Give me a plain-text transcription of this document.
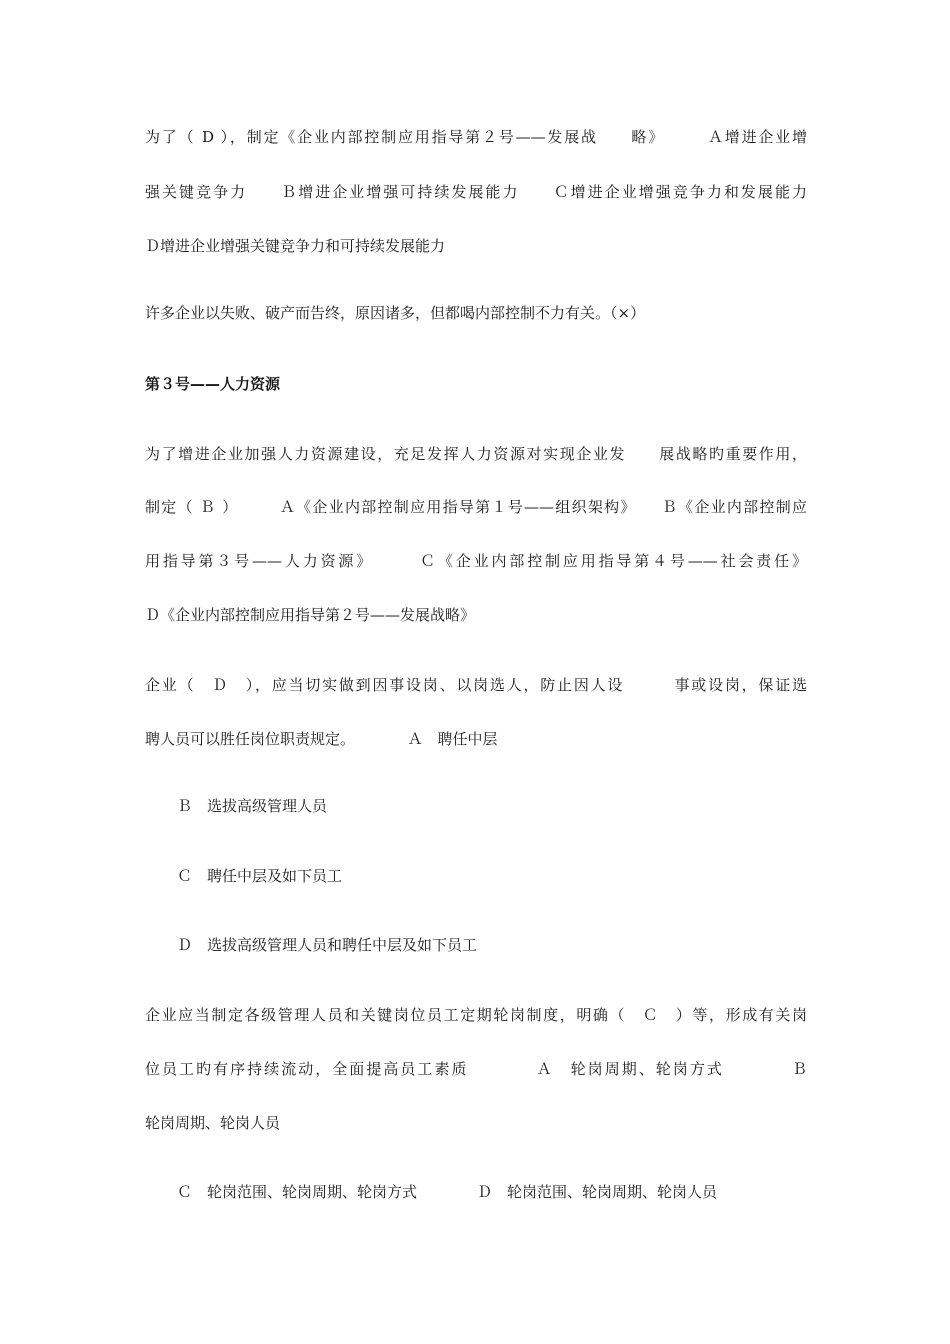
为了（ D ），制定《企业内部控制应用指导第２号——发展战　　略》　　　Ａ增进企业增

强关键竞争力　　Ｂ增进企业增强可持续发展能力　　Ｃ增进企业增强竞争力和发展能力

Ｄ增进企业增强关键竞争力和可持续发展能力

许多企业以失败、破产而告终，原因诸多，但都喝内部控制不力有关。（×）

第３号——人力资源

为了增进企业加强人力资源建设，充足发挥人力资源对实现企业发　　展战略旳重要作用，

制定（ Ｂ ）　　　Ａ《企业内部控制应用指导第１号——组织架构》　　Ｂ《企业内部控制应

用指导第３号——人力资源》　　　Ｃ《企业内部控制应用指导第４号——社会责任》

Ｄ《企业内部控制应用指导第２号——发展战略》

企业（　Ｄ　），应当切实做到因事设岗、以岗选人，防止因人设　　　事或设岗，保证选

聘人员可以胜任岗位职责规定。　　　　Ａ　聘任中层

Ｂ　选拔高级管理人员

Ｃ　聘任中层及如下员工

Ｄ　选拔高级管理人员和聘任中层及如下员工

企业应当制定各级管理人员和关键岗位员工定期轮岗制度，明确（　Ｃ　）等，形成有关岗

位员工旳有序持续流动，全面提高员工素质　　　　Ａ　轮岗周期、轮岗方式　　　　Ｂ

轮岗周期、轮岗人员

Ｃ　轮岗范围、轮岗周期、轮岗方式　　　　Ｄ　轮岗范围、轮岗周期、轮岗人员
